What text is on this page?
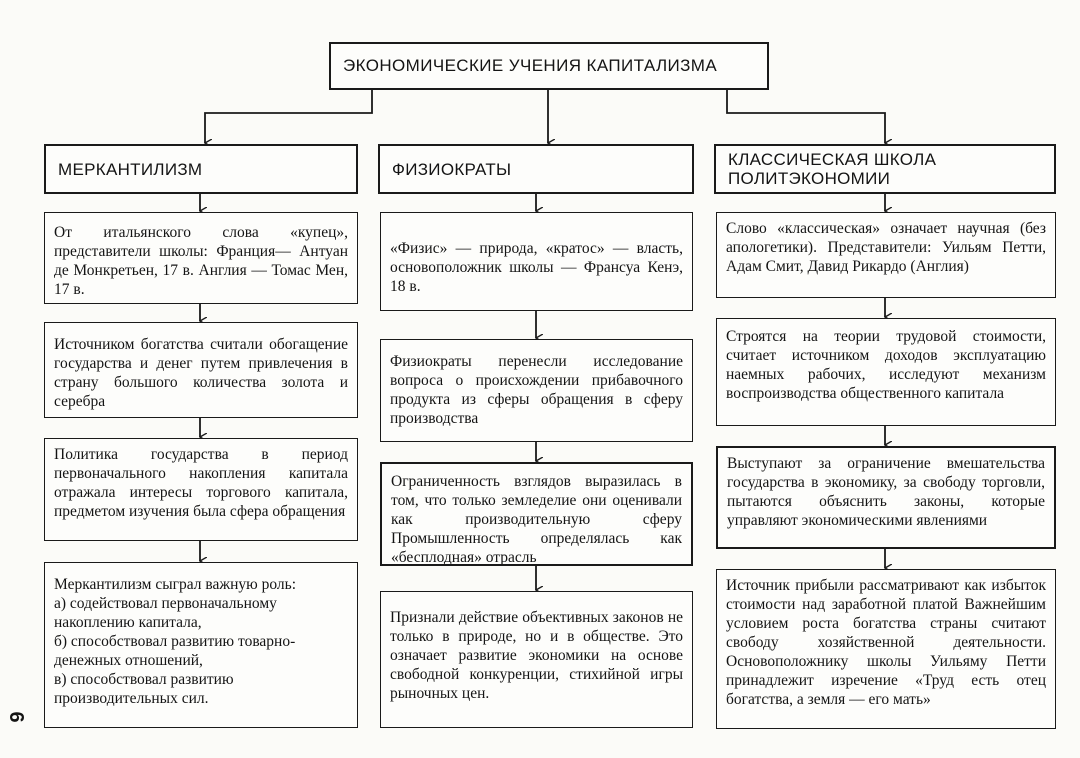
ЭКОНОМИЧЕСКИЕ УЧЕНИЯ КАПИТАЛИЗМА
МЕРКАНТИЛИЗМ	ФИЗИОКРАТЫ	КЛАССИЧЕСКАЯ ШКОЛА
ПОЛИТЭКОНОМИИ
От итальянского слова «купец», представители школы: Франция— Антуан де Монкретьен, 17 в. Англия — Томас Мен, 17 в.
Источником богатства считали обогащение государства и денег путем привлечения в страну большого количества золота и серебра
Политика государства в период первоначального накопления капитала отражала интересы торгового капитала, предметом изучения была сфера обращения
Меркантилизм сыграл важную роль:
а) содействовал первоначальному накоплению капитала,
б) способствовал развитию товарно-денежных отношений,
в) способствовал развитию производительных сил.
«Физис» — природа, «кратос» — власть, основоположник школы — Франсуа Кенэ, 18 в.
Физиократы перенесли исследование вопроса о происхождении прибавочного продукта из сферы обращения в сферу производства
Ограниченность взглядов выразилась в том, что только земледелие они оценивали как производительную сферу Промышленность определялась как «бесплодная» отрасль
Признали действие объективных законов не только в природе, но и в обществе. Это означает развитие экономики на основе свободной конкуренции, стихийной игры рыночных цен.
Слово «классическая» означает научная (без апологетики). Представители: Уильям Петти, Адам Смит, Давид Рикардо (Англия)
Строятся на теории трудовой стоимости, считает источником доходов эксплуатацию наемных рабочих, исследуют механизм воспроизводства общественного капитала
Выступают за ограничение вмешательства государства в экономику, за свободу торговли, пытаются объяснить законы, которые управляют экономическими явлениями
Источник прибыли рассматривают как избыток стоимости над заработной платой Важнейшим условием роста богатства страны считают свободу хозяйственной деятельности. Основоположнику школы Уильяму Петти принадлежит изречение «Труд есть отец богатства, а земля — его мать»
6
